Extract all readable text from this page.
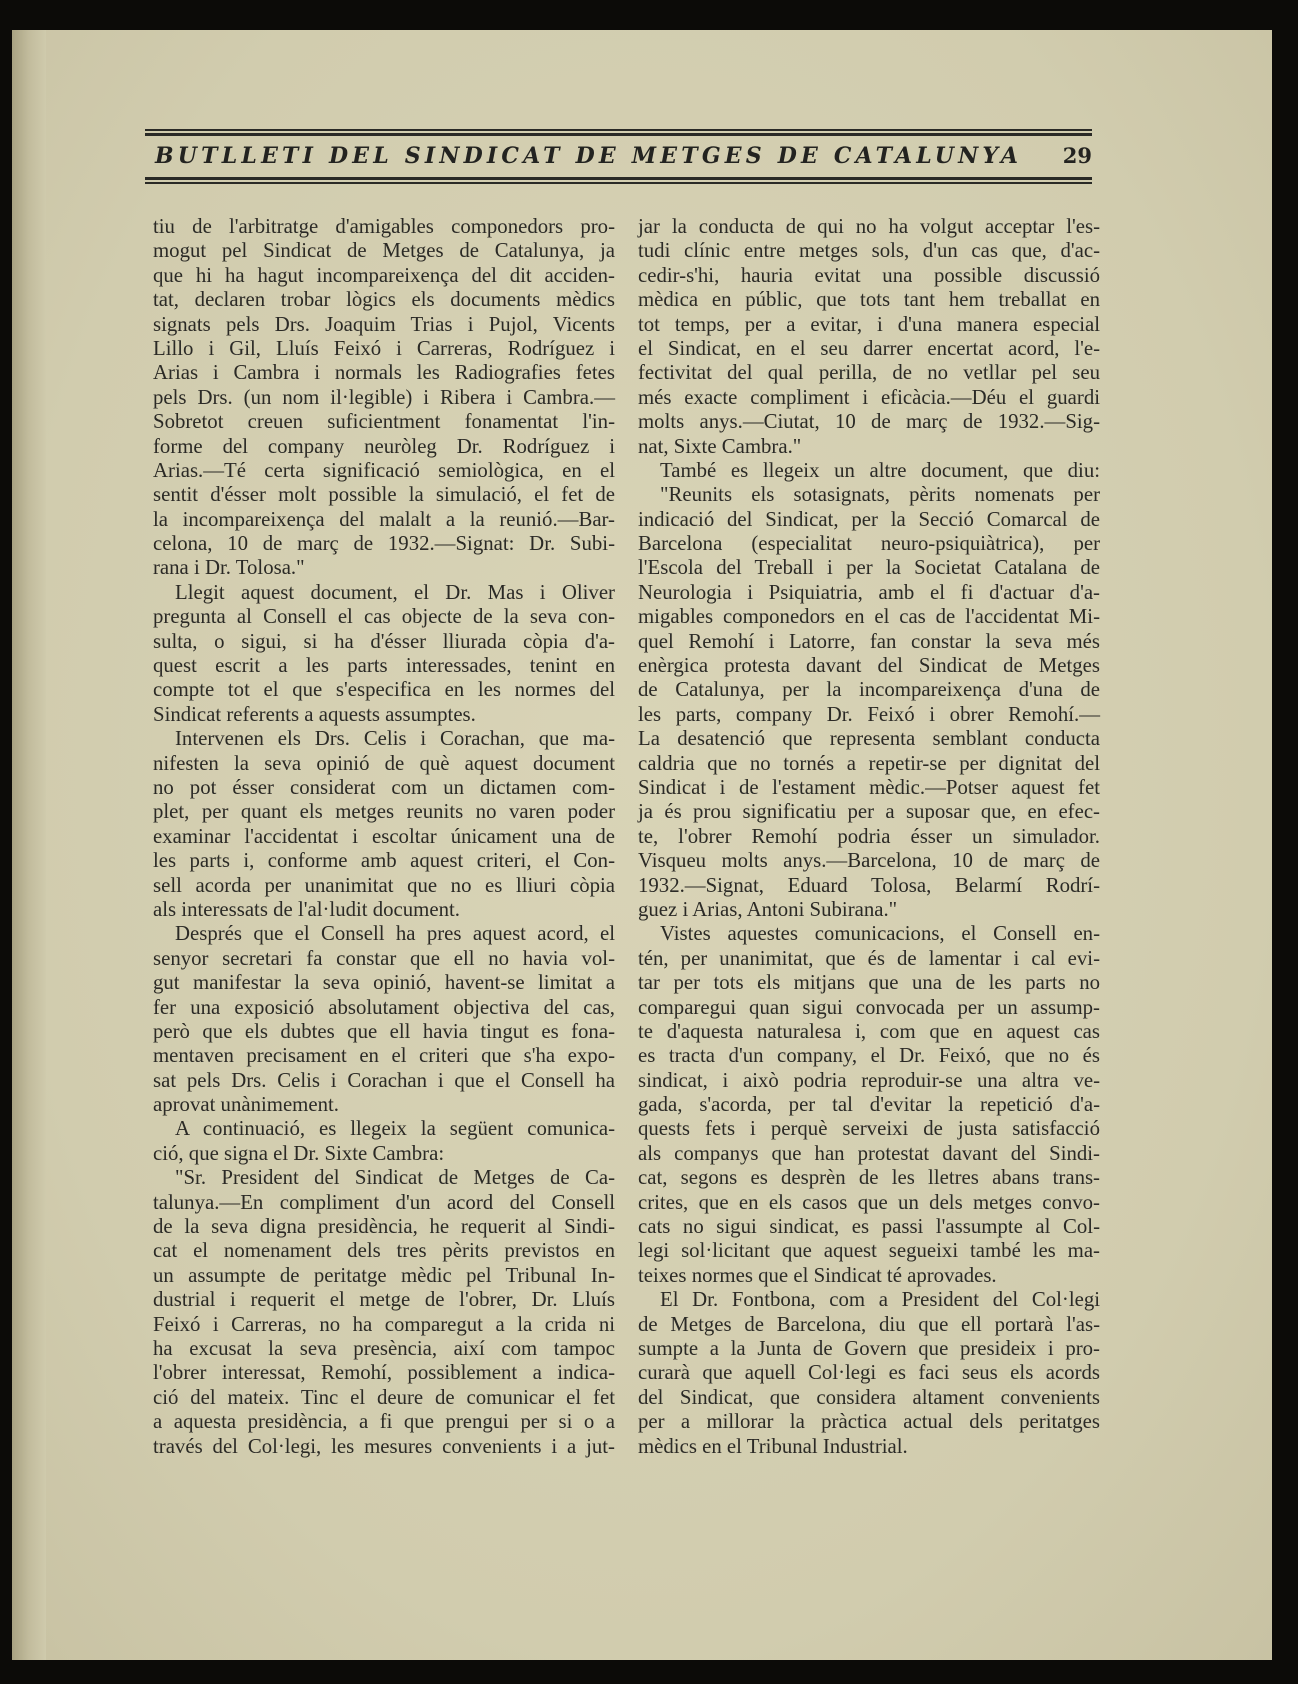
BUTLLETI DEL SINDICAT DE METGES DE CATALUNYA 29
tiu de l'arbitratge d'amigables componedors pro-
mogut pel Sindicat de Metges de Catalunya, ja
que hi ha hagut incompareixença del dit acciden-
tat, declaren trobar lògics els documents mèdics
signats pels Drs. Joaquim Trias i Pujol, Vicents
Lillo i Gil, Lluís Feixó i Carreras, Rodríguez i
Arias i Cambra i normals les Radiografies fetes
pels Drs. (un nom il·legible) i Ribera i Cambra.—
Sobretot creuen suficientment fonamentat l'in-
forme del company neuròleg Dr. Rodríguez i
Arias.—Té certa significació semiològica, en el
sentit d'ésser molt possible la simulació, el fet de
la incompareixença del malalt a la reunió.—Bar-
celona, 10 de març de 1932.—Signat: Dr. Subi-
rana i Dr. Tolosa."
Llegit aquest document, el Dr. Mas i Oliver
pregunta al Consell el cas objecte de la seva con-
sulta, o sigui, si ha d'ésser lliurada còpia d'a-
quest escrit a les parts interessades, tenint en
compte tot el que s'especifica en les normes del
Sindicat referents a aquests assumptes.
Intervenen els Drs. Celis i Corachan, que ma-
nifesten la seva opinió de què aquest document
no pot ésser considerat com un dictamen com-
plet, per quant els metges reunits no varen poder
examinar l'accidentat i escoltar únicament una de
les parts i, conforme amb aquest criteri, el Con-
sell acorda per unanimitat que no es lliuri còpia
als interessats de l'al·ludit document.
Després que el Consell ha pres aquest acord, el
senyor secretari fa constar que ell no havia vol-
gut manifestar la seva opinió, havent-se limitat a
fer una exposició absolutament objectiva del cas,
però que els dubtes que ell havia tingut es fona-
mentaven precisament en el criteri que s'ha expo-
sat pels Drs. Celis i Corachan i que el Consell ha
aprovat unànimement.
A continuació, es llegeix la següent comunica-
ció, que signa el Dr. Sixte Cambra:
"Sr. President del Sindicat de Metges de Ca-
talunya.—En compliment d'un acord del Consell
de la seva digna presidència, he requerit al Sindi-
cat el nomenament dels tres pèrits previstos en
un assumpte de peritatge mèdic pel Tribunal In-
dustrial i requerit el metge de l'obrer, Dr. Lluís
Feixó i Carreras, no ha comparegut a la crida ni
ha excusat la seva presència, així com tampoc
l'obrer interessat, Remohí, possiblement a indica-
ció del mateix. Tinc el deure de comunicar el fet
a aquesta presidència, a fi que prengui per si o a
través del Col·legi, les mesures convenients i a jut-
jar la conducta de qui no ha volgut acceptar l'es-
tudi clínic entre metges sols, d'un cas que, d'ac-
cedir-s'hi, hauria evitat una possible discussió
mèdica en públic, que tots tant hem treballat en
tot temps, per a evitar, i d'una manera especial
el Sindicat, en el seu darrer encertat acord, l'e-
fectivitat del qual perilla, de no vetllar pel seu
més exacte compliment i eficàcia.—Déu el guardi
molts anys.—Ciutat, 10 de març de 1932.—Sig-
nat, Sixte Cambra."
També es llegeix un altre document, que diu:
"Reunits els sotasignats, pèrits nomenats per
indicació del Sindicat, per la Secció Comarcal de
Barcelona (especialitat neuro-psiquiàtrica), per
l'Escola del Treball i per la Societat Catalana de
Neurologia i Psiquiatria, amb el fi d'actuar d'a-
migables componedors en el cas de l'accidentat Mi-
quel Remohí i Latorre, fan constar la seva més
enèrgica protesta davant del Sindicat de Metges
de Catalunya, per la incompareixença d'una de
les parts, company Dr. Feixó i obrer Remohí.—
La desatenció que representa semblant conducta
caldria que no tornés a repetir-se per dignitat del
Sindicat i de l'estament mèdic.—Potser aquest fet
ja és prou significatiu per a suposar que, en efec-
te, l'obrer Remohí podria ésser un simulador.
Visqueu molts anys.—Barcelona, 10 de març de
1932.—Signat, Eduard Tolosa, Belarmí Rodrí-
guez i Arias, Antoni Subirana."
Vistes aquestes comunicacions, el Consell en-
tén, per unanimitat, que és de lamentar i cal evi-
tar per tots els mitjans que una de les parts no
comparegui quan sigui convocada per un assump-
te d'aquesta naturalesa i, com que en aquest cas
es tracta d'un company, el Dr. Feixó, que no és
sindicat, i això podria reproduir-se una altra ve-
gada, s'acorda, per tal d'evitar la repetició d'a-
quests fets i perquè serveixi de justa satisfacció
als companys que han protestat davant del Sindi-
cat, segons es desprèn de les lletres abans trans-
crites, que en els casos que un dels metges convo-
cats no sigui sindicat, es passi l'assumpte al Col-
legi sol·licitant que aquest segueixi també les ma-
teixes normes que el Sindicat té aprovades.
El Dr. Fontbona, com a President del Col·legi
de Metges de Barcelona, diu que ell portarà l'as-
sumpte a la Junta de Govern que presideix i pro-
curarà que aquell Col·legi es faci seus els acords
del Sindicat, que considera altament convenients
per a millorar la pràctica actual dels peritatges
mèdics en el Tribunal Industrial.
